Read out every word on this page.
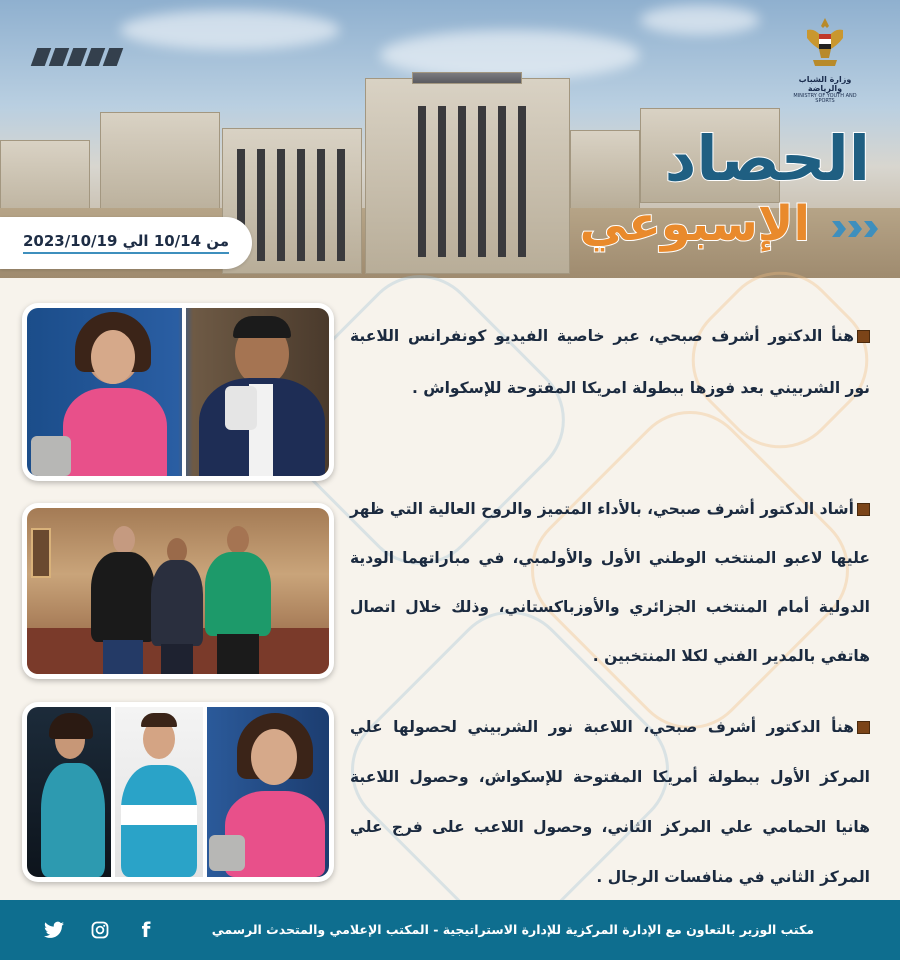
وزارة الشباب والرياضة
MINISTRY OF YOUTH AND SPORTS
الحصاد
الإسبوعي
من 10/14 الي 2023/10/19
هنأ الدكتور أشرف صبحي، عبر خاصية الفيديو كونفرانس اللاعبة نور الشربيني بعد فوزها ببطولة امريكا المفتوحة للإسكواش .
أشاد الدكتور أشرف صبحي، بالأداء المتميز والروح العالية التي ظهر عليها لاعبو المنتخب الوطني الأول والأولمبي، في مباراتهما الودية الدولية أمام المنتخب الجزائري والأوزباكستاني، وذلك خلال اتصال هاتفي بالمدير الفني لكلا المنتخبين .
هنأ الدكتور أشرف صبحي، اللاعبة نور الشربيني لحصولها علي المركز الأول ببطولة أمريكا المفتوحة للإسكواش، وحصول اللاعبة هانيا الحمامي علي المركز الثاني، وحصول اللاعب على فرج علي المركز الثاني في منافسات الرجال .
مكتب الوزير بالتعاون مع الإدارة المركزية للإدارة الاستراتيجية - المكتب الإعلامي والمتحدث الرسمي
f
